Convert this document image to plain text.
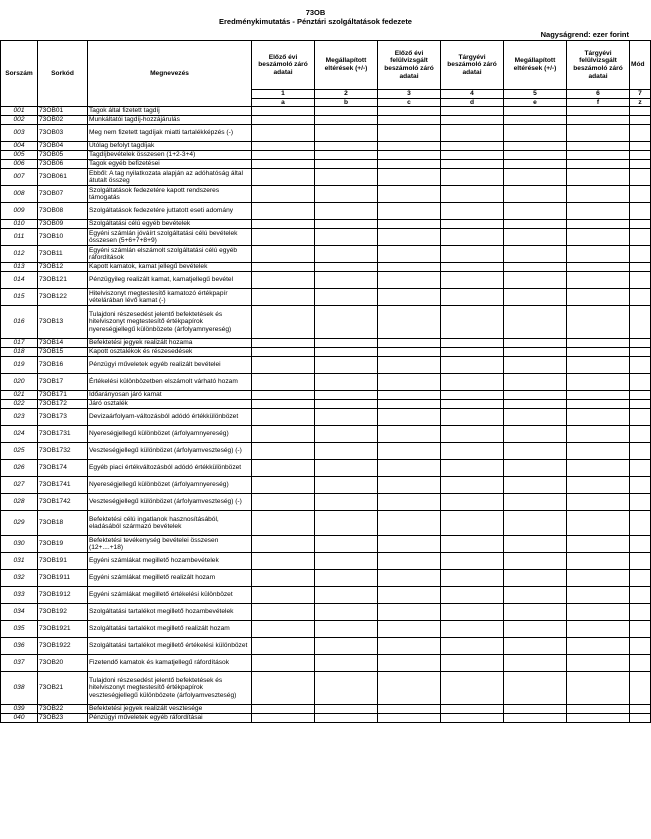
73OB
Eredménykimutatás - Pénztári szolgáltatások fedezete
Nagyságrend: ezer forint
Sorszám	Sorkód	Megnevezés	Előző évi beszámoló záró adatai	Megállapított eltérések (+/-)	Előző évi felülvizsgált beszámoló záró adatai	Tárgyévi beszámoló záró adatai	Megállapított eltérések (+/-)	Tárgyévi felülvizsgált beszámoló záró adatai	Mód
			1	2	3	4	5	6	7
			a	b	c	d	e	f	z
001	73OB01	Tagok által fizetett tagdíj							
002	73OB02	Munkáltatói tagdíj-hozzájárulás							
003	73OB03	Meg nem fizetett tagdíjak miatti tartalékképzés (-)							
004	73OB04	Utólag befolyt tagdíjak							
005	73OB05	Tagdíjbevételek összesen (1+2-3+4)							
006	73OB06	Tagok egyéb befizetései							
007	73OB061	Ebből: A tag nyilatkozata alapján az adóhatóság által átutalt összeg							
008	73OB07	Szolgáltatások fedezetére kapott rendszeres támogatás							
009	73OB08	Szolgáltatások fedezetére juttatott eseti adomány							
010	73OB09	Szolgáltatási célú egyéb bevételek							
011	73OB10	Egyéni számlán jóváírt szolgáltatási célú bevételek összesen (5+6+7+8+9)							
012	73OB11	Egyéni számlán elszámolt szolgáltatási célú egyéb ráfordítások							
013	73OB12	Kapott kamatok, kamat jellegű bevételek							
014	73OB121	Pénzügyileg realizált kamat, kamatjellegű bevétel							
015	73OB122	Hitelviszonyt megtestesítő kamatozó értékpapír vételárában lévő kamat (-)							
016	73OB13	Tulajdoni részesedést jelentő befektetések és hitelviszonyt megtestesítő értékpapírok nyereségjellegű különbözete (árfolyamnyereség)							
017	73OB14	Befektetési jegyek realizált hozama							
018	73OB15	Kapott osztalékok és részesedések							
019	73OB16	Pénzügyi műveletek egyéb realizált bevételei							
020	73OB17	Értékelési különbözetben elszámolt várható hozam							
021	73OB171	Időarányosan járó kamat							
022	73OB172	Járó osztalék							
023	73OB173	Devizaárfolyam-változásból adódó értékkülönbözet							
024	73OB1731	Nyereségjellegű különbözet (árfolyamnyereség)							
025	73OB1732	Veszteségjellegű különbözet (árfolyamveszteség) (-)							
026	73OB174	Egyéb piaci értékváltozásból adódó értékkülönbözet							
027	73OB1741	Nyereségjellegű különbözet (árfolyamnyereség)							
028	73OB1742	Veszteségjellegű különbözet (árfolyamveszteség) (-)							
029	73OB18	Befektetési célú ingatlanok hasznosításából, eladásából származó bevételek							
030	73OB19	Befektetési tevékenység bevételei összesen (12+....+18)							
031	73OB191	Egyéni számlákat megillető hozambevételek							
032	73OB1911	Egyéni számlákat megillető realizált hozam							
033	73OB1912	Egyéni számlákat megillető értékelési különbözet							
034	73OB192	Szolgáltatási tartalékot megillető hozambevételek							
035	73OB1921	Szolgáltatási tartalékot megillető realizált hozam							
036	73OB1922	Szolgáltatási tartalékot megillető értékelési különbözet							
037	73OB20	Fizetendő kamatok és kamatjellegű ráfordítások							
038	73OB21	Tulajdoni részesedést jelentő befektetések és hitelviszonyt megtestesítő értékpapírok veszteségjellegű különbözete (árfolyamveszteség)							
039	73OB22	Befektetési jegyek realizált vesztesége							
040	73OB23	Pénzügyi műveletek egyéb ráfordításai							
